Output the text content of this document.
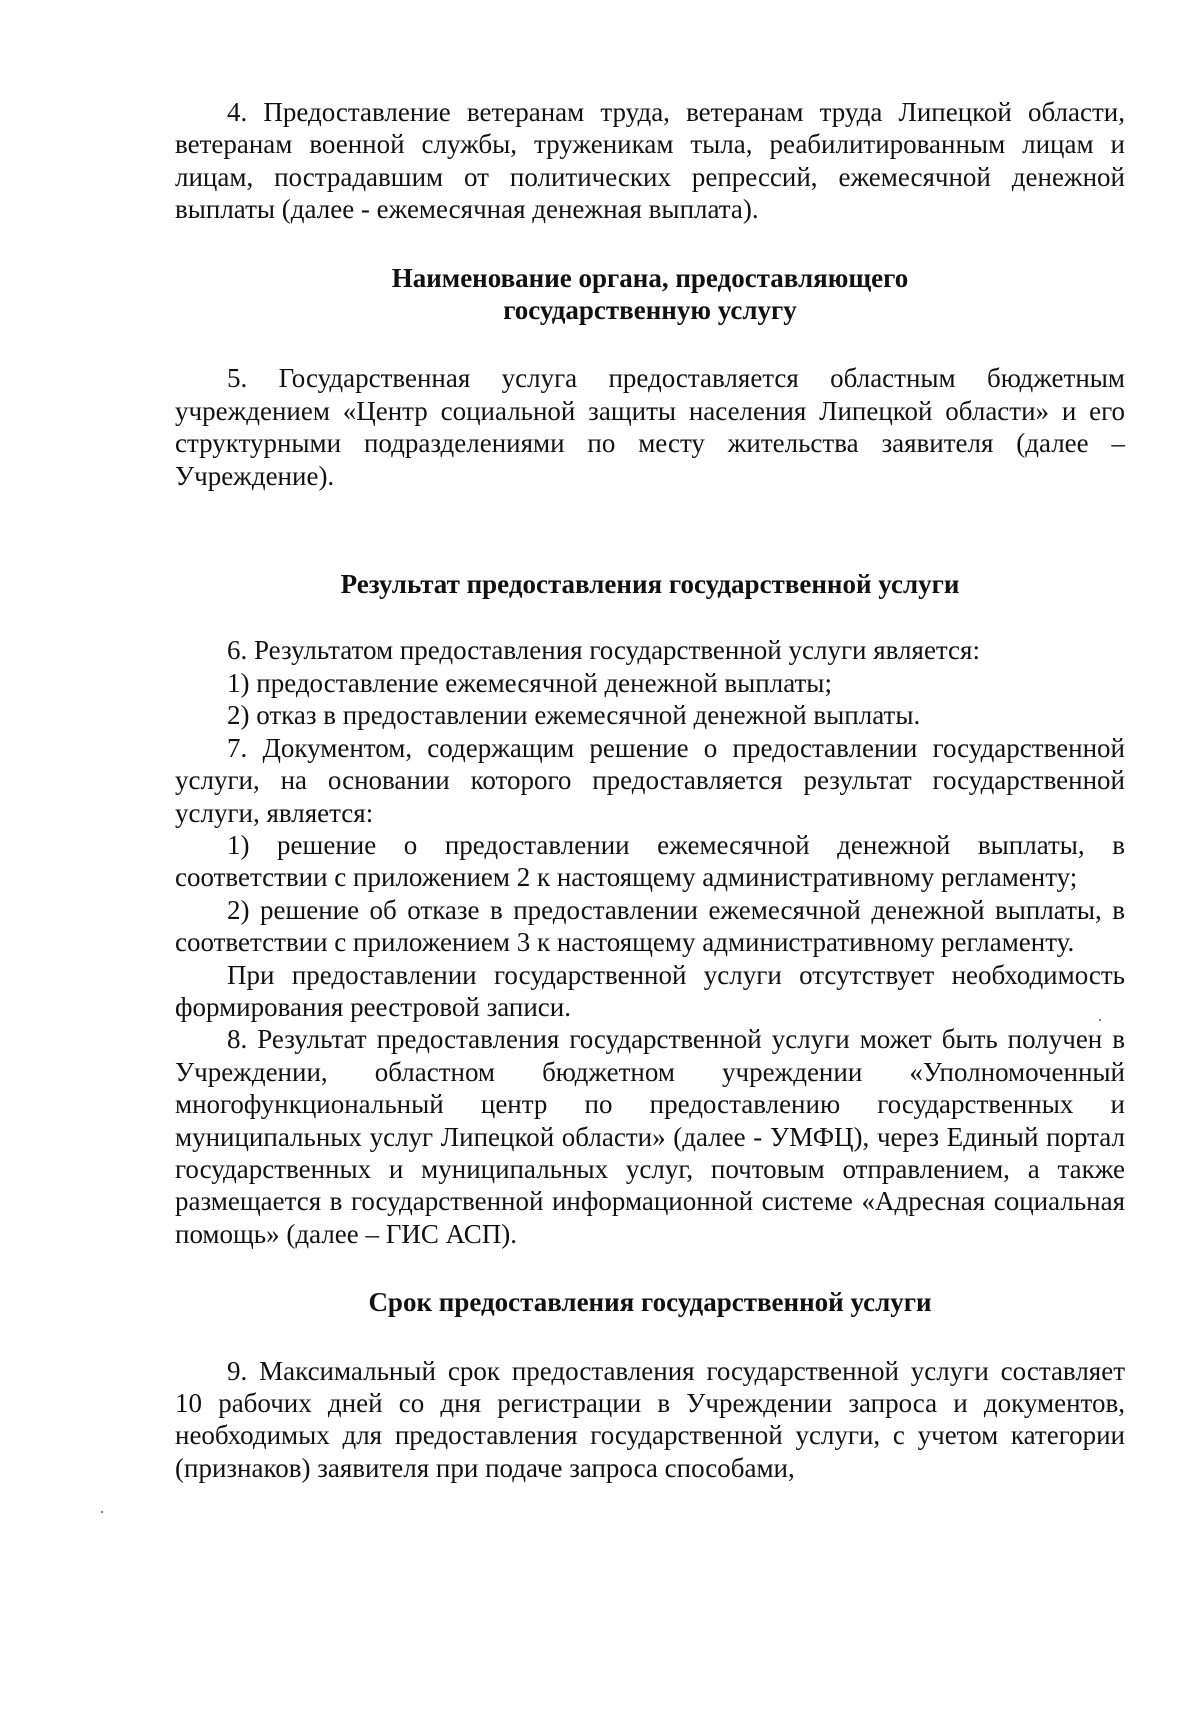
4. Предоставление ветеранам труда, ветеранам труда Липецкой области, ветеранам военной службы, труженикам тыла, реабилитированным лицам и лицам, пострадавшим от политических репрессий, ежемесячной денежной выплаты (далее - ежемесячная денежная выплата).

Наименование органа, предоставляющего

государственную услугу

5. Государственная услуга предоставляется областным бюджетным учреждением «Центр социальной защиты населения Липецкой области» и его структурными подразделениями по месту жительства заявителя (далее – Учреждение).

Результат предоставления государственной услуги

6. Результатом предоставления государственной услуги является:

1) предоставление ежемесячной денежной выплаты;

2) отказ в предоставлении ежемесячной денежной выплаты.

7. Документом, содержащим решение о предоставлении государственной услуги, на основании которого предоставляется результат государственной услуги, является:

1) решение о предоставлении ежемесячной денежной выплаты, в соответствии с приложением 2 к настоящему административному регламенту;

2) решение об отказе в предоставлении ежемесячной денежной выплаты, в соответствии с приложением 3 к настоящему административному регламенту.

При предоставлении государственной услуги отсутствует необходимость формирования реестровой записи.

8. Результат предоставления государственной услуги может быть получен в Учреждении, областном бюджетном учреждении «Уполномоченный многофункциональный центр по предоставлению государственных и муниципальных услуг Липецкой области» (далее - УМФЦ), через Единый портал государственных и муниципальных услуг, почтовым отправлением, а также размещается в государственной информационной системе «Адресная социальная помощь» (далее – ГИС АСП).

Срок предоставления государственной услуги

9. Максимальный срок предоставления государственной услуги составляет 10 рабочих дней со дня регистрации в Учреждении запроса и документов, необходимых для предоставления государственной услуги, с учетом категории (признаков) заявителя при подаче запроса способами,
